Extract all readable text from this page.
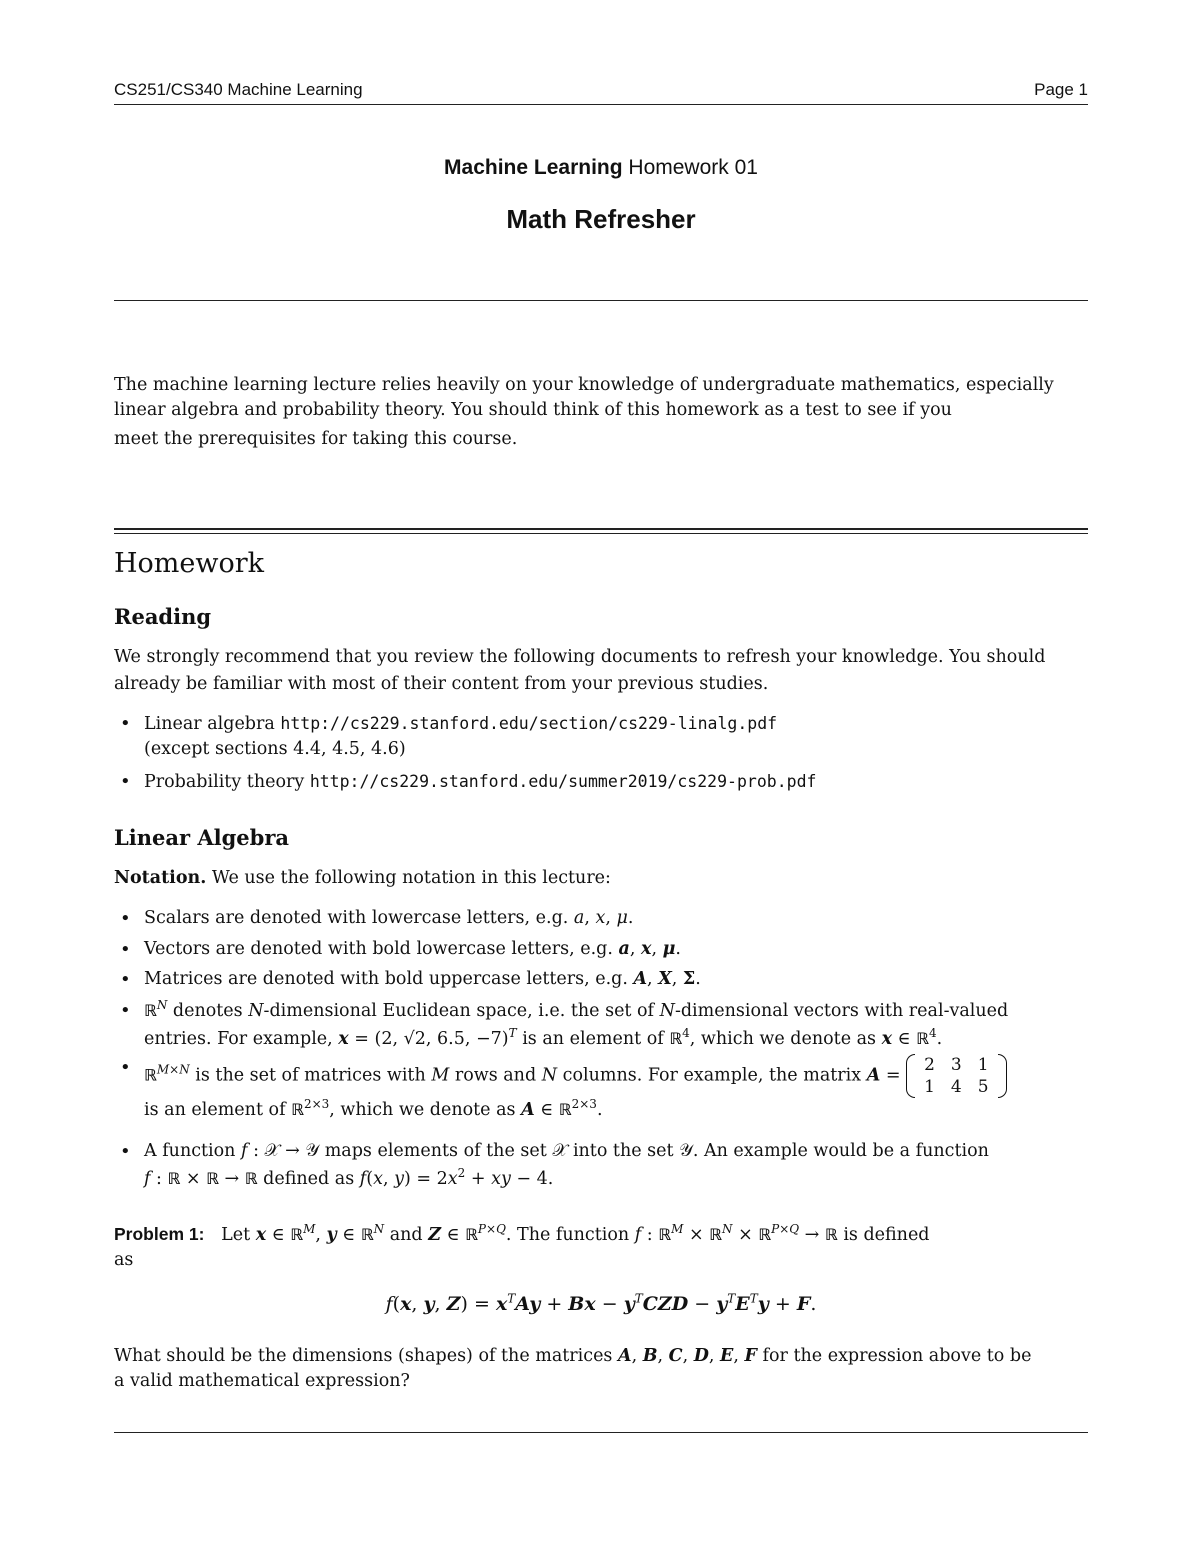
CS251/CS340 Machine Learning	Page 1
Machine Learning Homework 01
Math Refresher
The machine learning lecture relies heavily on your knowledge of undergraduate mathematics, especially
linear algebra and probability theory. You should think of this homework as a test to see if you
meet the prerequisites for taking this course.
Homework
Reading
We strongly recommend that you review the following documents to refresh your knowledge. You should
already be familiar with most of their content from your previous studies.
• Linear algebra http://cs229.stanford.edu/section/cs229-linalg.pdf
(except sections 4.4, 4.5, 4.6)
• Probability theory http://cs229.stanford.edu/summer2019/cs229-prob.pdf
Linear Algebra
Notation. We use the following notation in this lecture:
• Scalars are denoted with lowercase letters, e.g. a, x, μ.
• Vectors are denoted with bold lowercase letters, e.g. a, x, μ.
• Matrices are denoted with bold uppercase letters, e.g. A, X, Σ.
• ℝ$^N$ denotes N-dimensional Euclidean space, i.e. the set of N-dimensional vectors with real-valued
entries. For example, x = (2, √2, 6.5, −7)$^T$ is an element of ℝ$^4$, which we denote as x ∈ ℝ$^4$.
• ℝ$^{M\times N}$ is the set of matrices with M rows and N columns. For example, the matrix A =
2	3	1
1	4	5
is an element of ℝ$^{2\times 3}$, which we denote as A ∈ ℝ$^{2\times 3}$.
• A function f : 𝒳 → 𝒴 maps elements of the set 𝒳 into the set 𝒴. An example would be a function
f : ℝ × ℝ → ℝ defined as f(x, $y) = 2x^2$ + xy − 4.
Problem 1: Let x ∈ ℝ$^M$, y ∈ ℝ$^N$ and Z ∈ ℝ$^{P\times Q}$. The function f : ℝ$^M$ × ℝ$^N$ × ℝ$^{P\times Q}$ → ℝ is defined
as
f(x, y, $Z) = x^TAy + Bx - y^TCZD - y^TE^Ty + F$.
What should be the dimensions (shapes) of the matrices A, B, C, D, E, F for the expression above to be
a valid mathematical expression?
